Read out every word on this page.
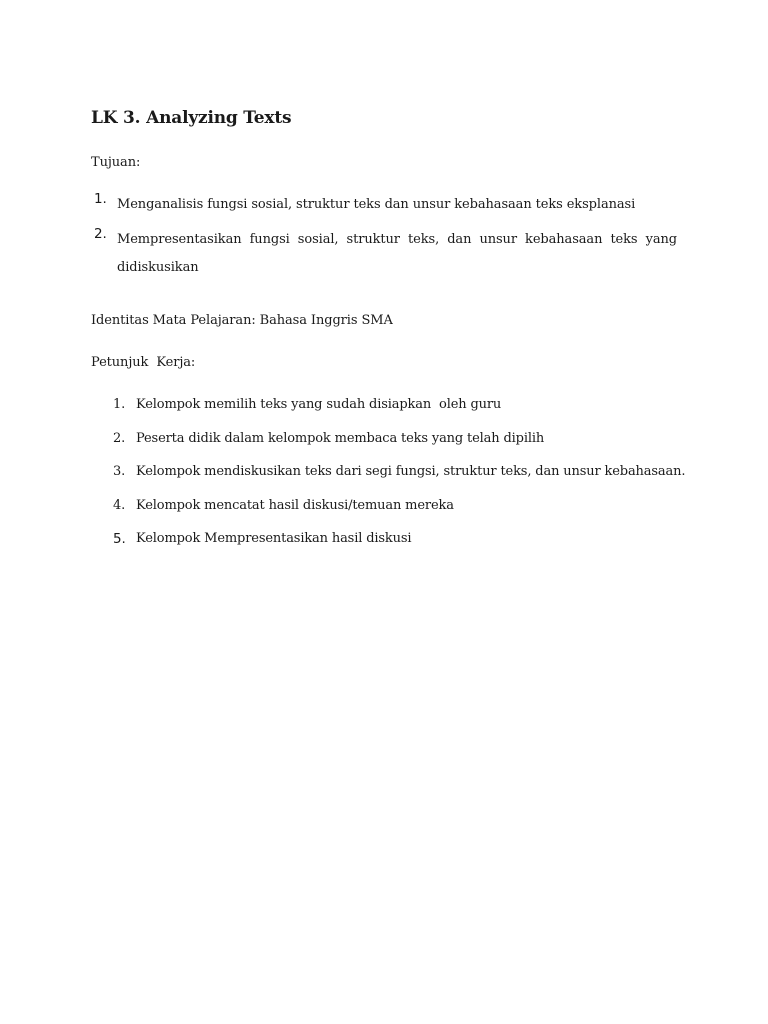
LK 3. Analyzing Texts
Tujuan:
1. Menganalisis fungsi sosial, struktur teks dan unsur kebahasaan teks eksplanasi
2. Mempresentasikan fungsi sosial, struktur teks, dan unsur kebahasaan teks yang didiskusikan
Identitas Mata Pelajaran: Bahasa Inggris SMA
Petunjuk  Kerja:
1. Kelompok memilih teks yang sudah disiapkan  oleh guru
2. Peserta didik dalam kelompok membaca teks yang telah dipilih
3. Kelompok mendiskusikan teks dari segi fungsi, struktur teks, dan unsur kebahasaan.
4. Kelompok mencatat hasil diskusi/temuan mereka
5. Kelompok Mempresentasikan hasil diskusi
